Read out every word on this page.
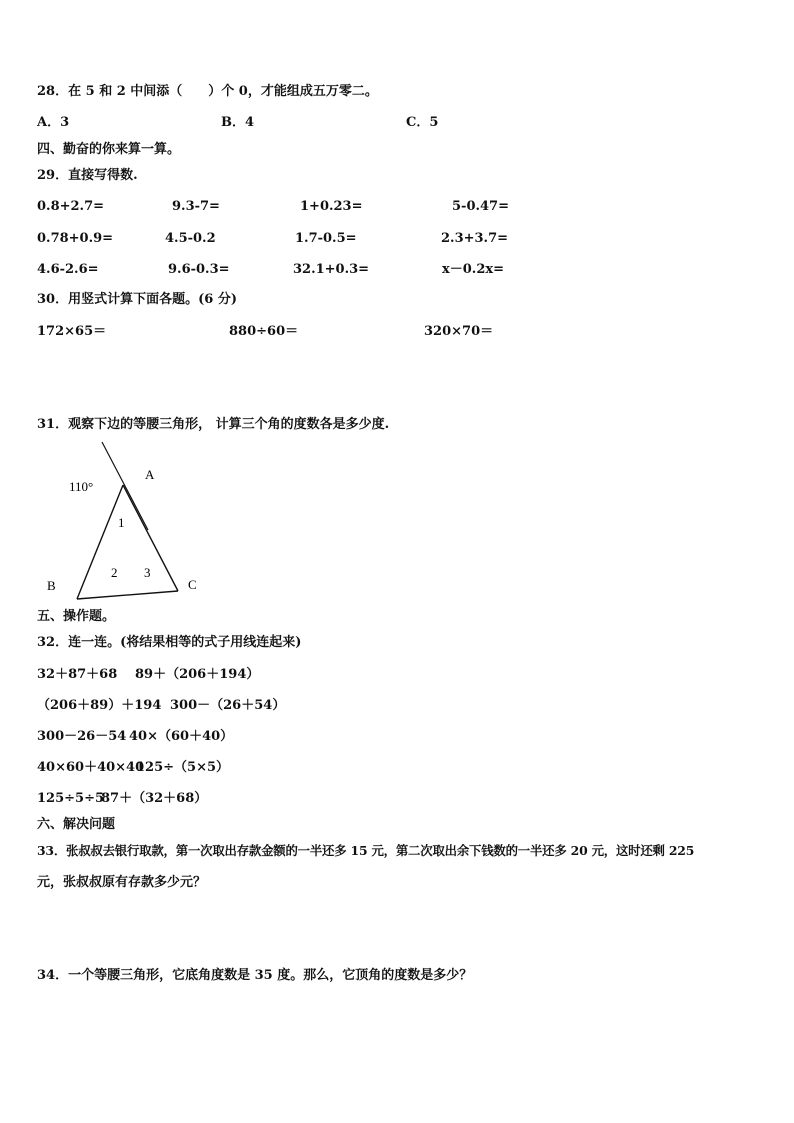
28．在 5 和 2 中间添（　　）个 0，才能组成五万零二。
A．3	B．4	C．5
四、勤奋的你来算一算。
29．直接写得数.
0.8+2.7=	9.3-7=	1+0.23=	5-0.47=
0.78+0.9=	4.5-0.2	1.7-0.5=	2.3+3.7=
4.6-2.6=	9.6-0.3=	32.1+0.3=	x－0.2x=
30．用竖式计算下面各题。(6 分)
172×65＝	880÷60＝	320×70＝
31．观察下边的等腰三角形， 计算三个角的度数各是多少度.
110°
A
B	C
1
2 3
五、操作题。
32．连一连。(将结果相等的式子用线连起来)
32＋87＋68 89＋（206＋194）
（206＋89）＋194 300－（26＋54）
300－26－54 40×（60＋40）
40×60＋40×40
125÷（5×5）
125÷5÷5
87＋（32＋68）
六、解决问题
33．张叔叔去银行取款，第一次取出存款金额的一半还多 15 元，第二次取出余下钱数的一半还多 20 元，这时还剩 225
元，张叔叔原有存款多少元？
34．一个等腰三角形，它底角度数是 35 度。那么，它顶角的度数是多少？
